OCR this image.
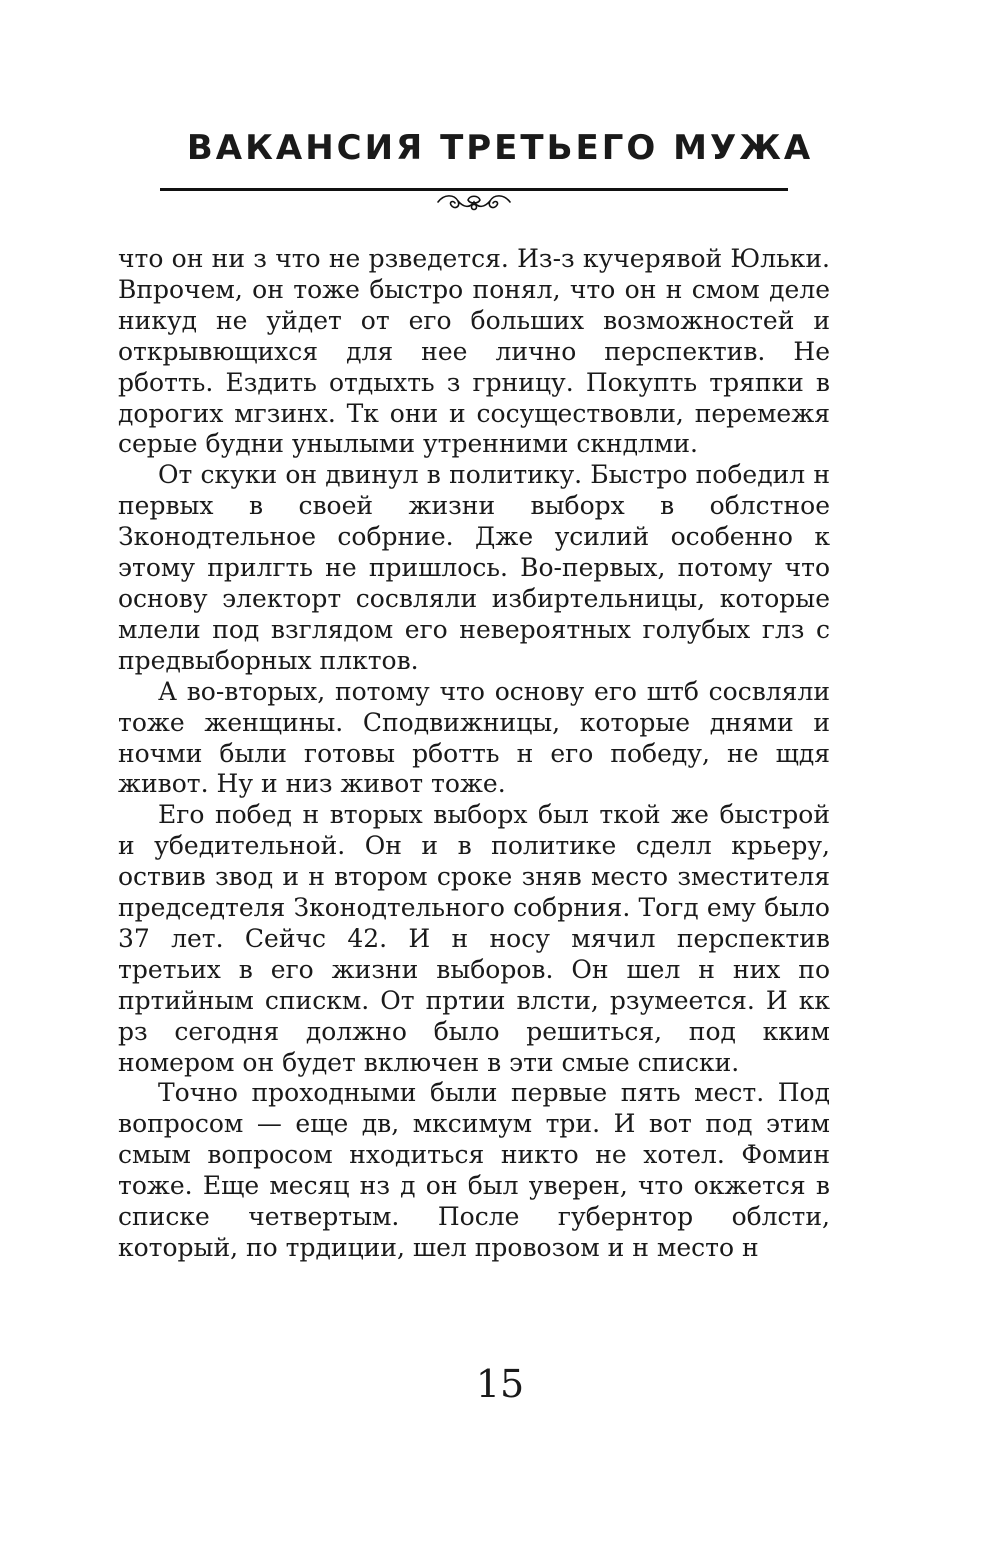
ВАКАНСИЯ ТРЕТЬЕГО МУЖА

что он ни з что не рзведется. Из-з кучерявой Юльки. Впрочем, он тоже быстро понял, что он н смом деле никуд не уйдет от его больших возможностей и открывющихся для нее лично перспектив. Не рботть. Ездить отдыхть з грницу. Покупть тряпки в дорогих мгзинх. Тк они и сосуществовли, перемежя серые будни унылыми утренними скндлми.

От скуки он двинул в политику. Быстро победил н первых в своей жизни выборх в облстное Зконодтельное собрние. Дже усилий особенно к этому прилгть не пришлось. Во-первых, потому что основу электорт сосвляли избиртельницы, которые млели под взглядом его невероятных голубых глз с предвыборных плктов.

А во-вторых, потому что основу его штб сосвляли тоже женщины. Сподвижницы, которые днями и ночми были готовы рботть н его победу, не щдя живот. Ну и низ живот тоже.

Его побед н вторых выборх был ткой же быстрой и убедительной. Он и в политике сделл крьеру, оствив звод и н втором сроке зняв место зместителя председтеля Зконодтельного собрния. Тогд ему было 37 лет. Сейчс 42. И н носу мячил перспектив третьих в его жизни выборов. Он шел н них по пртийным спискм. От пртии влсти, рзумеется. И кк рз сегодня должно было решиться, под кким номером он будет включен в эти смые списки.

Точно проходными были первые пять мест. Под вопросом — еще дв, мксимум три. И вот под этим смым вопросом нходиться никто не хотел. Фомин тоже. Еще месяц нз д он был уверен, что окжется в списке четвертым. После губернтор облсти, который, по трдиции, шел провозом и н место н

15
